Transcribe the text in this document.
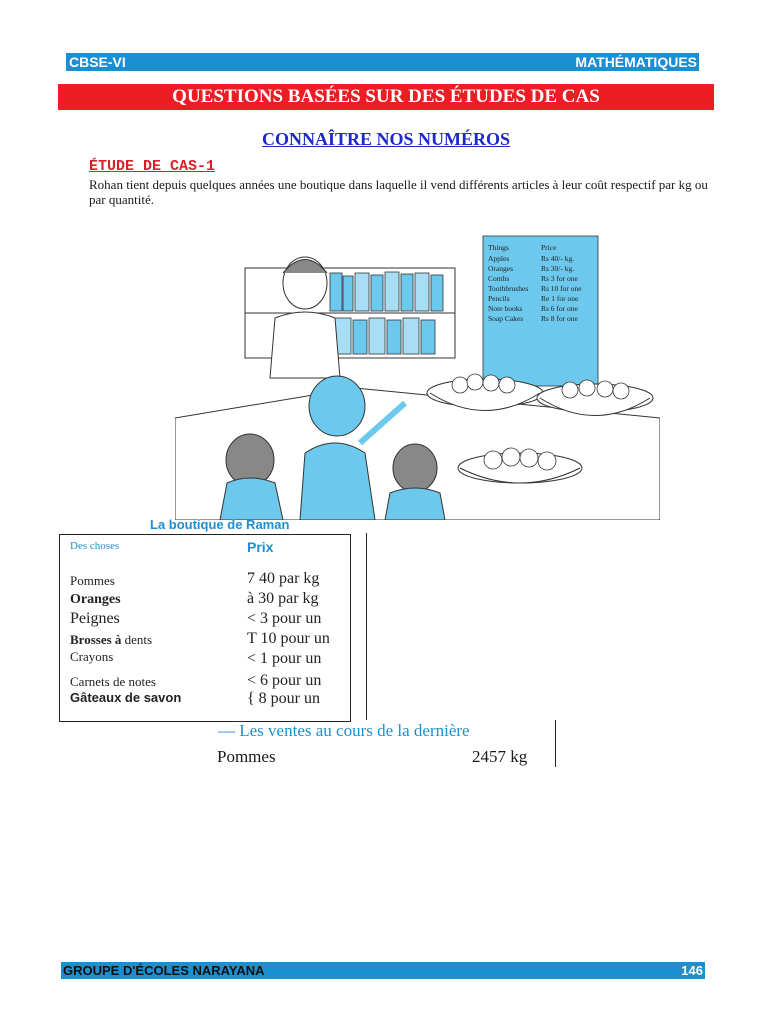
CBSE-VI	MATHÉMATIQUES
QUESTIONS BASÉES SUR DES ÉTUDES DE CAS
CONNAÎTRE NOS NUMÉROS
ÉTUDE DE CAS-1
Rohan tient depuis quelques années une boutique dans laquelle il vend différents articles à leur coût respectif par kg ou par quantité.
Things	Price
Apples	Rs 40/- kg.
Oranges	Rs 30/- kg.
Combs	Rs 3 for one
Toothbrushes Rs 10 for one
Pencils	Re 1 for one
Note books Rs 6 for one
Soap Cakes Rs 8 for one
La boutique de Raman
Des choses	Prix
Pommes	7 40 par kg
Oranges	à 30 par kg
Peignes	< 3 pour un
Brosses à dents	T 10 pour un
Crayons	< 1 pour un
Carnets de notes	< 6 pour un
Gâteaux de savon	{ 8 pour un
— Les ventes au cours de la dernière
Pommes	2457 kg
GROUPE D'ÉCOLES NARAYANA	146
